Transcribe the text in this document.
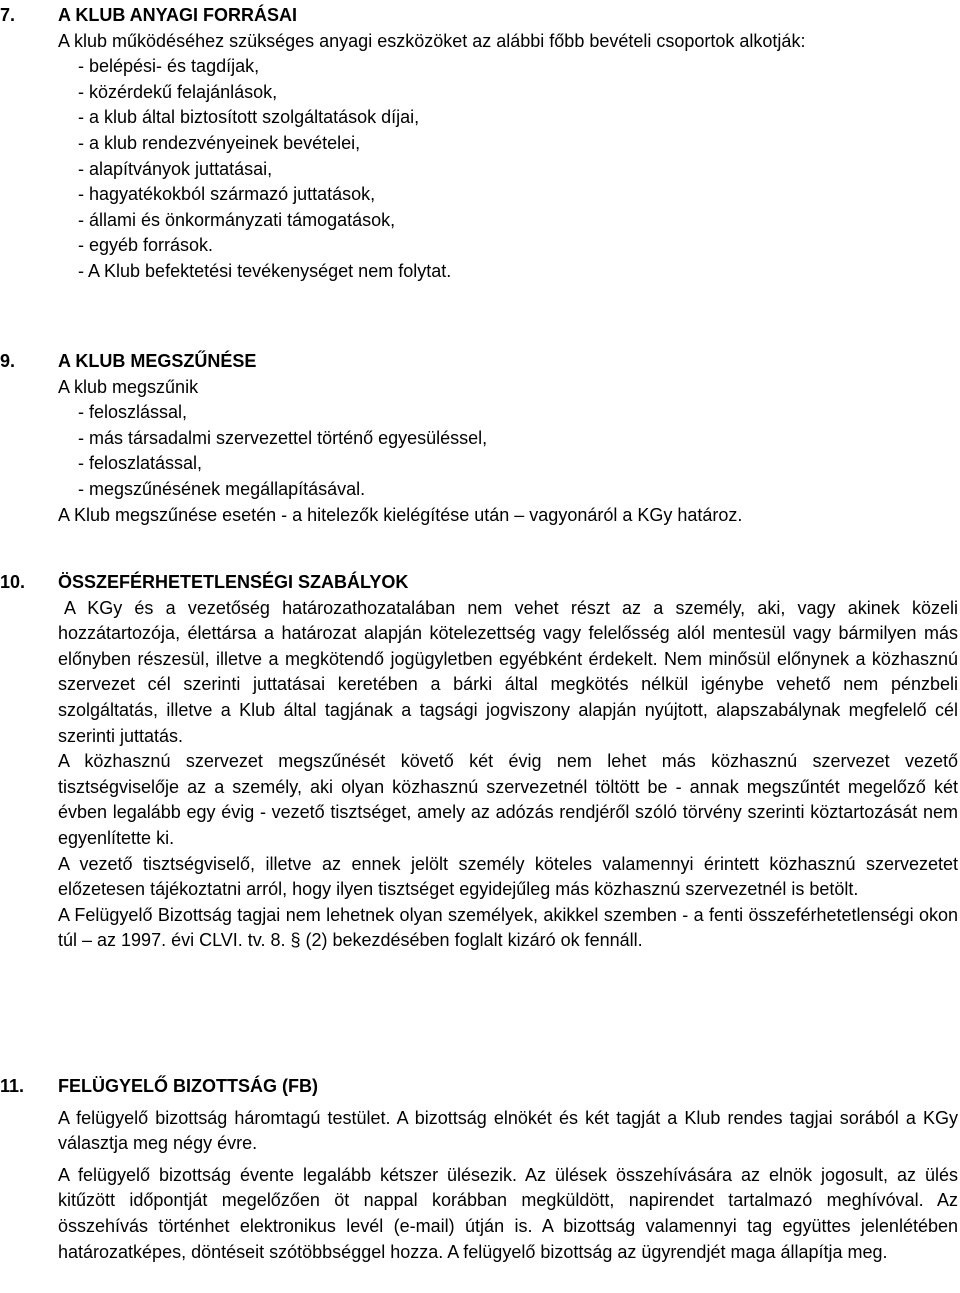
7. A KLUB ANYAGI FORRÁSAI
A klub működéséhez szükséges anyagi eszközöket az alábbi főbb bevételi csoportok alkotják:
- belépési- és tagdíjak,
- közérdekű felajánlások,
- a klub által biztosított szolgáltatások díjai,
- a klub rendezvényeinek bevételei,
- alapítványok juttatásai,
- hagyatékokból származó juttatások,
- állami és önkormányzati támogatások,
- egyéb források.
- A Klub befektetési tevékenységet nem folytat.
9. A KLUB MEGSZŰNÉSE
A klub megszűnik
- feloszlással,
- más társadalmi szervezettel történő egyesüléssel,
- feloszlatással,
- megszűnésének megállapításával.
A Klub megszűnése esetén - a hitelezők kielégítése után – vagyonáról a KGy határoz.
10. ÖSSZEFÉRHETETLENSÉGI SZABÁLYOK
A KGy és a vezetőség határozathozatalában nem vehet részt az a személy, aki, vagy akinek közeli hozzátartozója, élettársa a határozat alapján kötelezettség vagy felelősség alól mentesül vagy bármilyen más előnyben részesül, illetve a megkötendő jogügyletben egyébként érdekelt. Nem minősül előnynek a közhasznú szervezet cél szerinti juttatásai keretében a bárki által megkötés nélkül igénybe vehető nem pénzbeli szolgáltatás, illetve a Klub által tagjának a tagsági jogviszony alapján nyújtott, alapszabálynak megfelelő cél szerinti juttatás.
A közhasznú szervezet megszűnését követő két évig nem lehet más közhasznú szervezet vezető tisztségviselője az a személy, aki olyan közhasznú szervezetnél töltött be - annak megszűntét megelőző két évben legalább egy évig - vezető tisztséget, amely az adózás rendjéről szóló törvény szerinti köztartozását nem egyenlítette ki.
A vezető tisztségviselő, illetve az ennek jelölt személy köteles valamennyi érintett közhasznú szervezetet előzetesen tájékoztatni arról, hogy ilyen tisztséget egyidejűleg más közhasznú szervezetnél is betölt.
A Felügyelő Bizottság tagjai nem lehetnek olyan személyek, akikkel szemben - a fenti összeférhetetlenségi okon túl – az 1997. évi CLVI. tv. 8. § (2) bekezdésében foglalt kizáró ok fennáll.
11. FELÜGYELŐ BIZOTTSÁG (FB)
A felügyelő bizottság háromtagú testület. A bizottság elnökét és két tagját a Klub rendes tagjai sorából a KGy választja meg négy évre.
A felügyelő bizottság évente legalább kétszer ülésezik. Az ülések összehívására az elnök jogosult, az ülés kitűzött időpontját megelőzően öt nappal korábban megküldött, napirendet tartalmazó meghívóval. Az összehívás történhet elektronikus levél (e-mail) útján is. A bizottság valamennyi tag együttes jelenlétében határozatképes, döntéseit szótöbbséggel hozza. A felügyelő bizottság az ügyrendjét maga állapítja meg.
